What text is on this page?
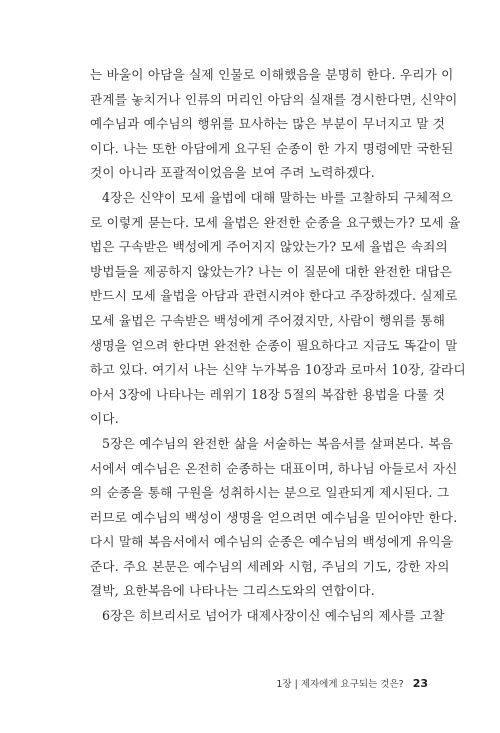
는 바울이 아담을 실제 인물로 이해했음을 분명히 한다. 우리가 이
관계를 놓치거나 인류의 머리인 아담의 실재를 경시한다면, 신약이
예수님과 예수님의 행위를 묘사하는 많은 부분이 무너지고 말 것
이다. 나는 또한 아담에게 요구된 순종이 한 가지 명령에만 국한된
것이 아니라 포괄적이었음을 보여 주려 노력하겠다.
4장은 신약이 모세 율법에 대해 말하는 바를 고찰하되 구체적으
로 이렇게 묻는다. 모세 율법은 완전한 순종을 요구했는가? 모세 율
법은 구속받은 백성에게 주어지지 않았는가? 모세 율법은 속죄의
방법들을 제공하지 않았는가? 나는 이 질문에 대한 완전한 대답은
반드시 모세 율법을 아담과 관련시켜야 한다고 주장하겠다. 실제로
모세 율법은 구속받은 백성에게 주어졌지만, 사람이 행위를 통해
생명을 얻으려 한다면 완전한 순종이 필요하다고 지금도 똑같이 말
하고 있다. 여기서 나는 신약 누가복음 10장과 로마서 10장, 갈라디
아서 3장에 나타나는 레위기 18장 5절의 복잡한 용법을 다룰 것
이다.
5장은 예수님의 완전한 삶을 서술하는 복음서를 살펴본다. 복음
서에서 예수님은 온전히 순종하는 대표이며, 하나님 아들로서 자신
의 순종을 통해 구원을 성취하시는 분으로 일관되게 제시된다. 그
러므로 예수님의 백성이 생명을 얻으려면 예수님을 믿어야만 한다.
다시 말해 복음서에서 예수님의 순종은 예수님의 백성에게 유익을
준다. 주요 본문은 예수님의 세례와 시험, 주님의 기도, 강한 자의
결박, 요한복음에 나타나는 그리스도와의 연합이다.
6장은 히브리서로 넘어가 대제사장이신 예수님의 제사를 고찰
1장 | 제자에게 요구되는 것은? 23
